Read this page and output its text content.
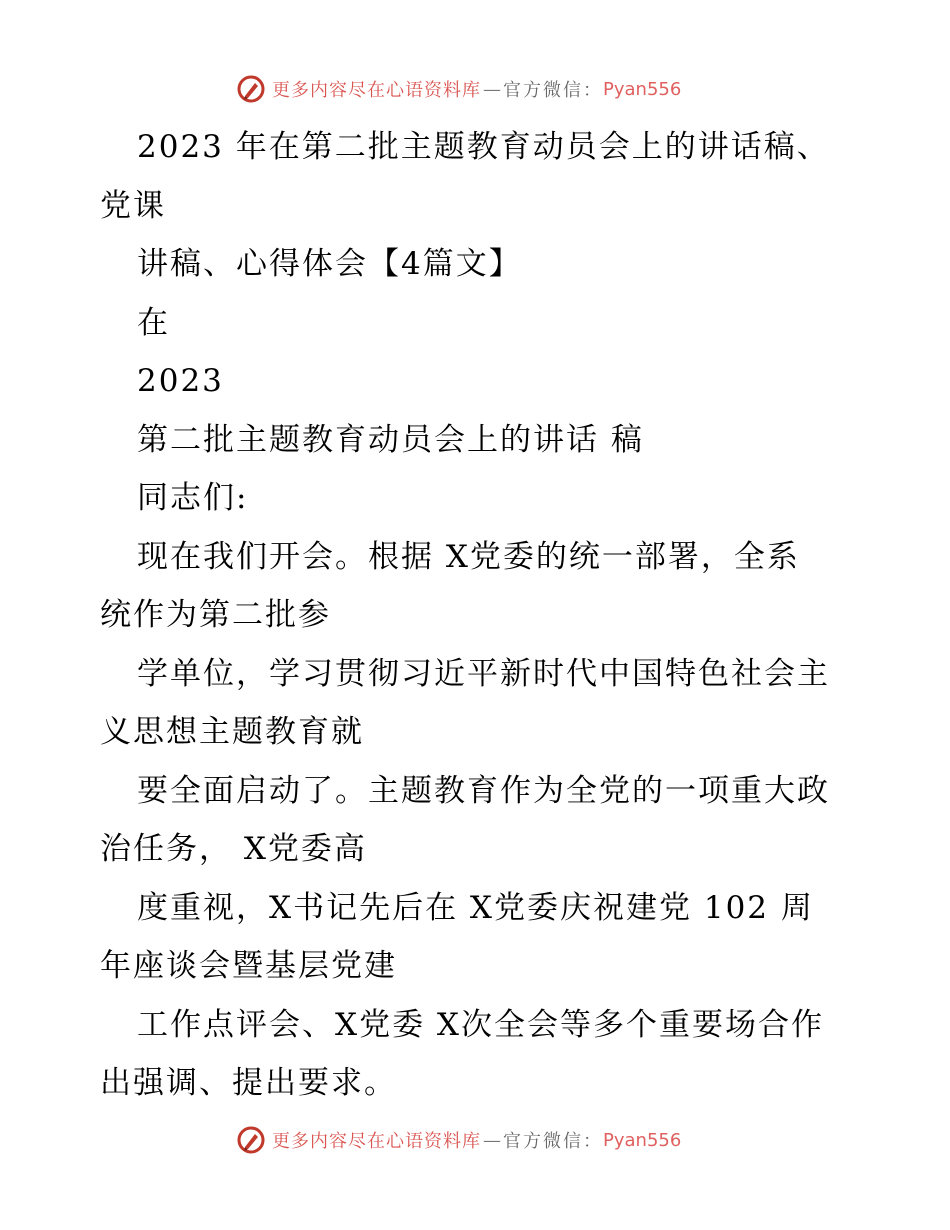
更多内容尽在心语资料库 — 官方微信： Pyan556
2023 年在第二批主题教育动员会上的讲话稿、
党课
讲稿、心得体会【4篇文】
在
2023
第二批主题教育动员会上的讲话 稿
同志们:
现在我们开会。根据 X党委的统一部署，全系
统作为第二批参
学单位，学习贯彻习近平新时代中国特色社会主
义思想主题教育就
要全面启动了。主题教育作为全党的一项重大政
治任务， X党委高
度重视，X书记先后在 X党委庆祝建党 102 周
年座谈会暨基层党建
工作点评会、X党委 X次全会等多个重要场合作
出强调、提出要求。
更多内容尽在心语资料库 — 官方微信： Pyan556
